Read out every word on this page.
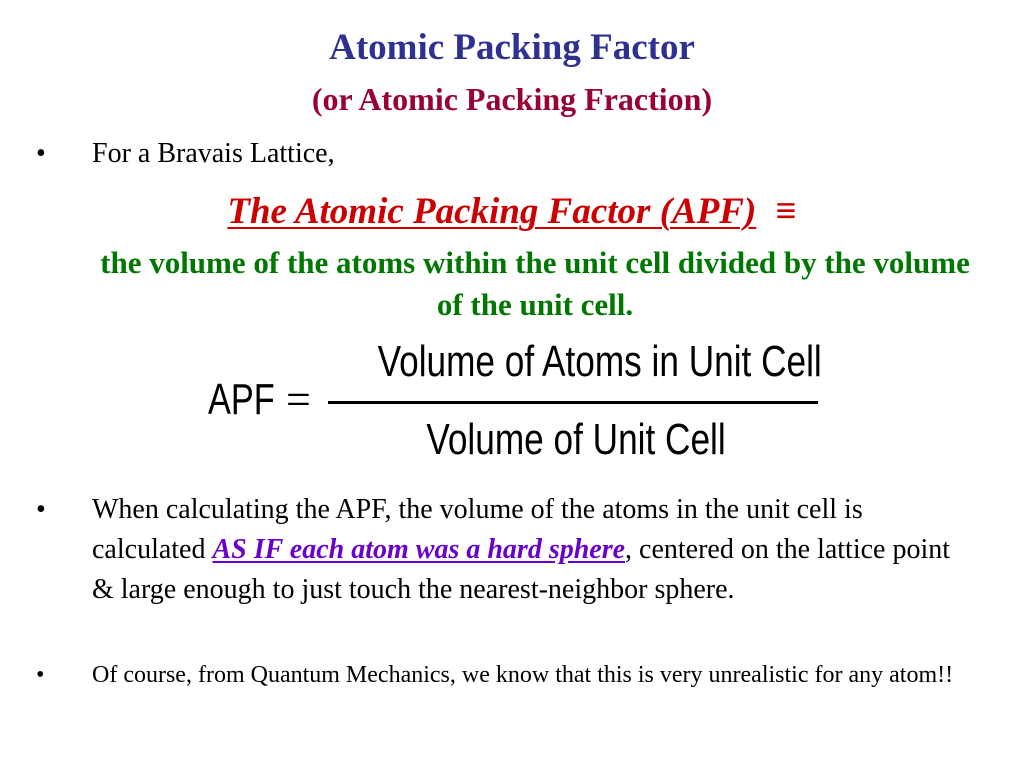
Atomic Packing Factor
(or Atomic Packing Fraction)
• For a Bravais Lattice,
The Atomic Packing Factor (APF) ≡
the volume of the atoms within the unit cell divided by the volume of the unit cell.
APF =
Volume of Atoms in Unit Cell
Volume of Unit Cell
• When calculating the APF, the volume of the atoms in the unit cell is calculated AS IF each atom was a hard sphere, centered on the lattice point & large enough to just touch the nearest-neighbor sphere.
• Of course, from Quantum Mechanics, we know that this is very unrealistic for any atom!!
